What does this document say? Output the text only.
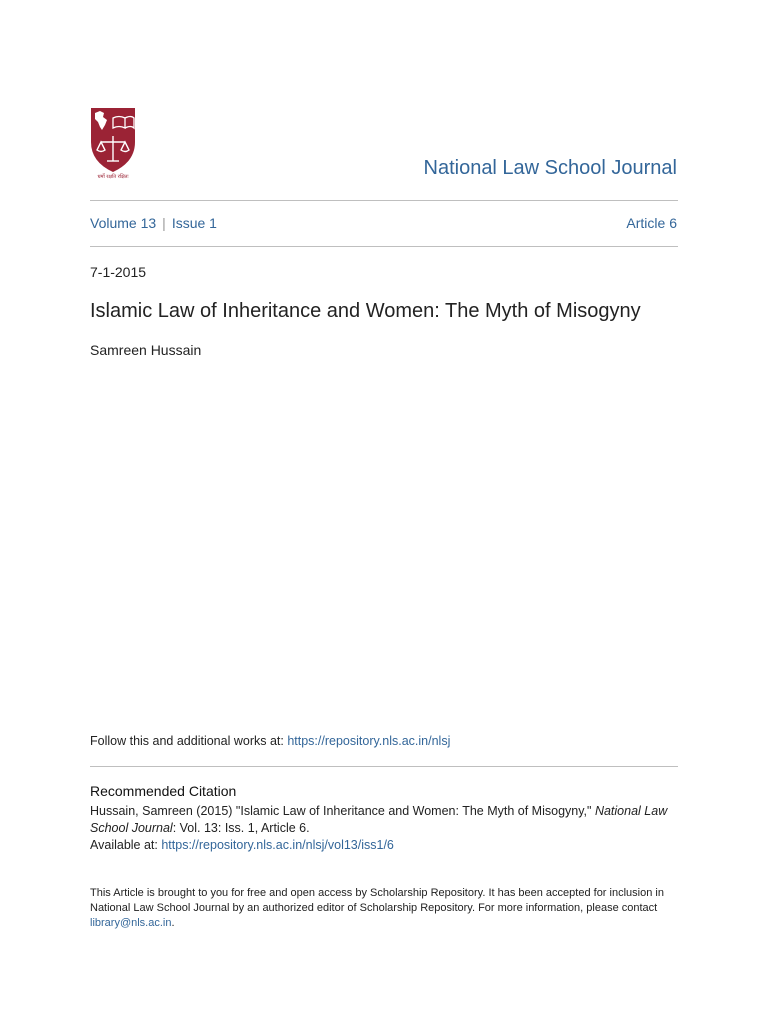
धर्मो रक्षति रक्षितः	National Law School Journal
Volume 13 | Issue 1	Article 6
7-1-2015
Islamic Law of Inheritance and Women: The Myth of Misogyny
Samreen Hussain
Follow this and additional works at: https://repository.nls.ac.in/nlsj
Recommended Citation
Hussain, Samreen (2015) "Islamic Law of Inheritance and Women: The Myth of Misogyny," National Law School Journal: Vol. 13: Iss. 1, Article 6.
Available at: https://repository.nls.ac.in/nlsj/vol13/iss1/6
This Article is brought to you for free and open access by Scholarship Repository. It has been accepted for inclusion in National Law School Journal by an authorized editor of Scholarship Repository. For more information, please contact library@nls.ac.in.
